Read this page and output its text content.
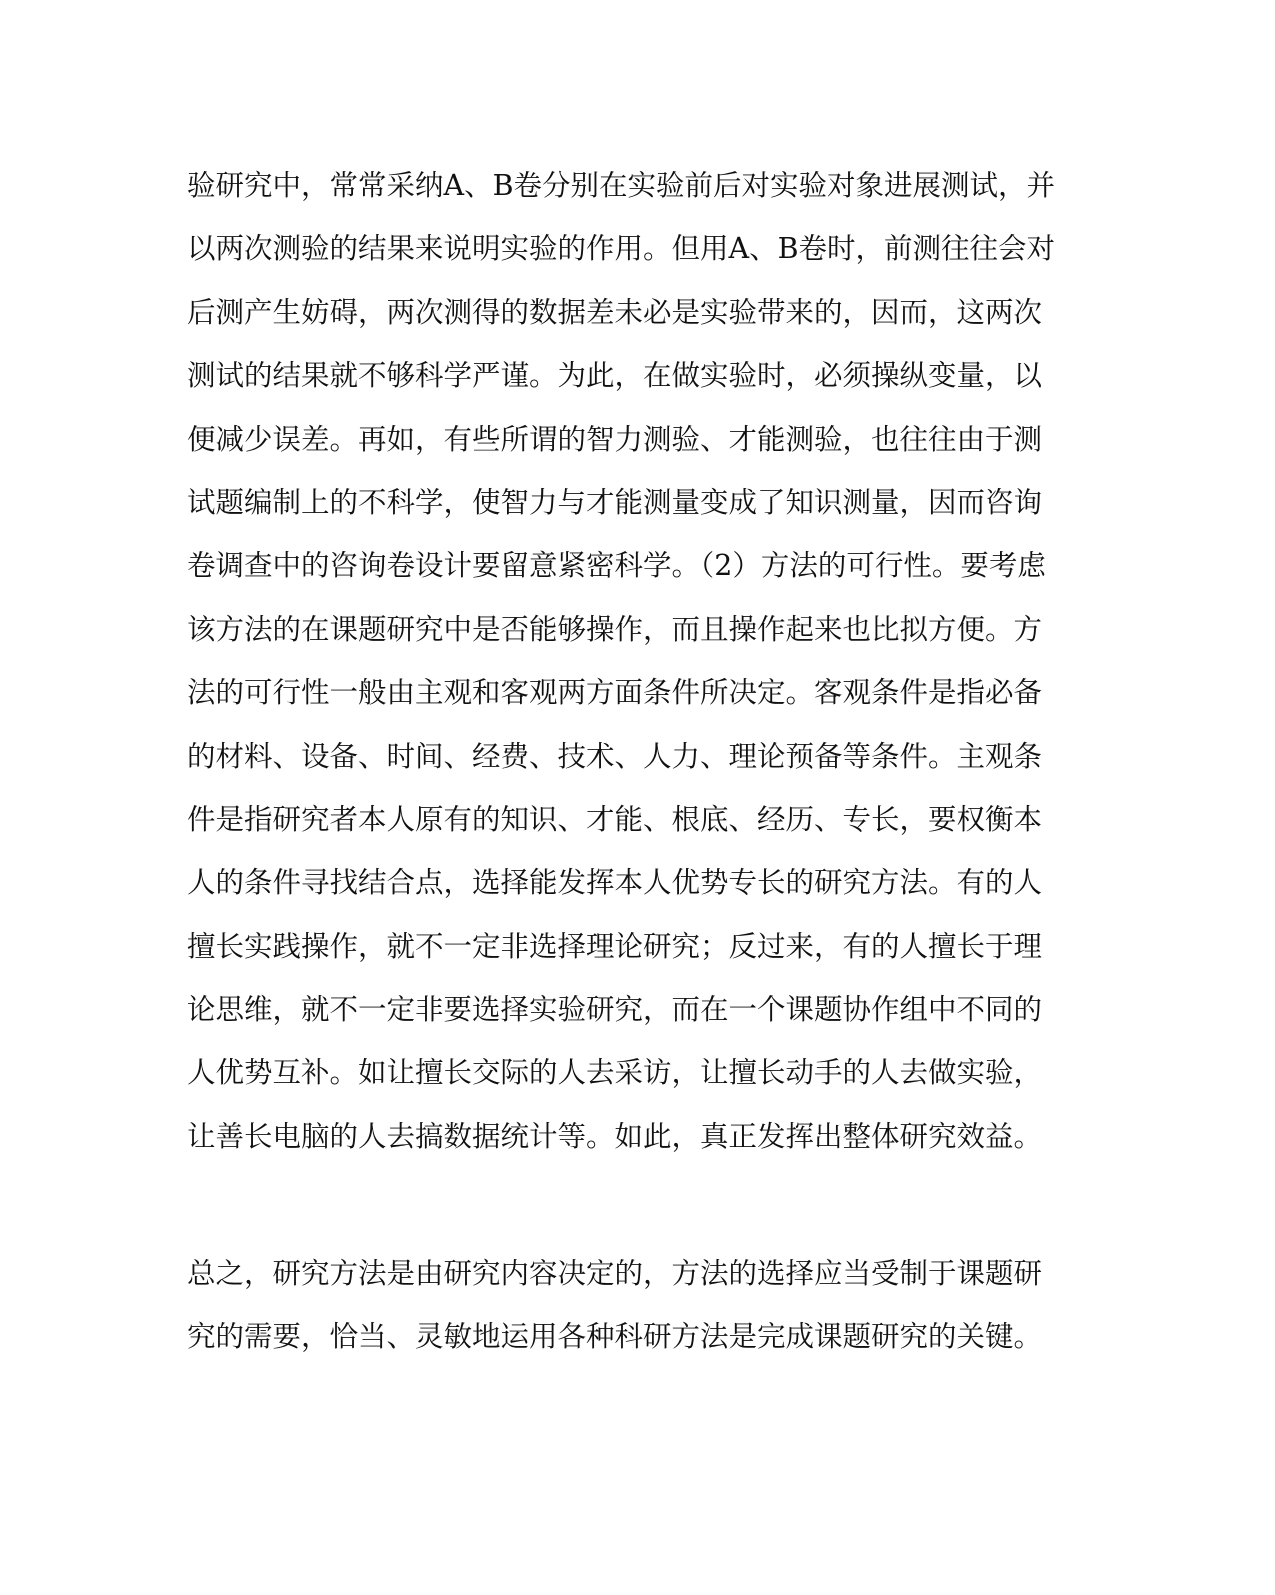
验研究中，常常采纳A、B卷分别在实验前后对实验对象进展测试，并
以两次测验的结果来说明实验的作用。但用A、B卷时，前测往往会对
后测产生妨碍，两次测得的数据差未必是实验带来的，因而，这两次
测试的结果就不够科学严谨。为此，在做实验时，必须操纵变量，以
便减少误差。再如，有些所谓的智力测验、才能测验，也往往由于测
试题编制上的不科学，使智力与才能测量变成了知识测量，因而咨询
卷调查中的咨询卷设计要留意紧密科学。（2）方法的可行性。要考虑
该方法的在课题研究中是否能够操作，而且操作起来也比拟方便。方
法的可行性一般由主观和客观两方面条件所决定。客观条件是指必备
的材料、设备、时间、经费、技术、人力、理论预备等条件。主观条
件是指研究者本人原有的知识、才能、根底、经历、专长，要权衡本
人的条件寻找结合点，选择能发挥本人优势专长的研究方法。有的人
擅长实践操作，就不一定非选择理论研究；反过来，有的人擅长于理
论思维，就不一定非要选择实验研究，而在一个课题协作组中不同的
人优势互补。如让擅长交际的人去采访，让擅长动手的人去做实验，
让善长电脑的人去搞数据统计等。如此，真正发挥出整体研究效益。
总之，研究方法是由研究内容决定的，方法的选择应当受制于课题研
究的需要，恰当、灵敏地运用各种科研方法是完成课题研究的关键。
